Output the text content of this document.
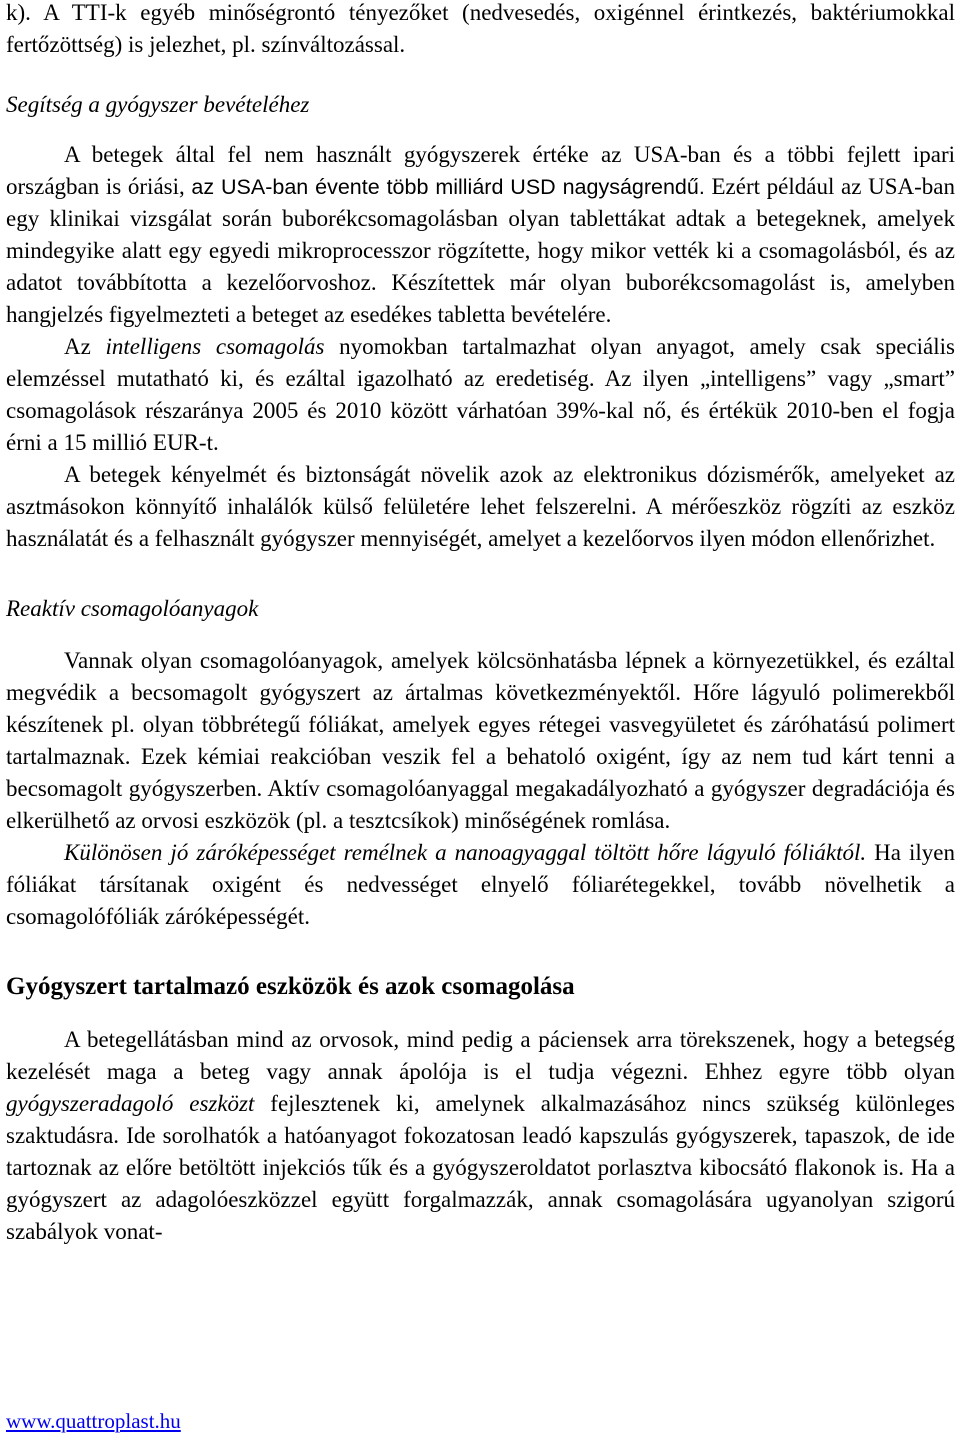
k). A TTI-k egyéb minőségrontó tényezőket (nedvesedés, oxigénnel érintkezés, baktériumokkal fertőzöttség) is jelezhet, pl. színváltozással.

Segítség a gyógyszer bevételéhez

A betegek által fel nem használt gyógyszerek értéke az USA-ban és a többi fejlett ipari országban is óriási, az USA-ban évente több milliárd USD nagyságrendű. Ezért például az USA-ban egy klinikai vizsgálat során buborékcsomagolásban olyan tablettákat adtak a betegeknek, amelyek mindegyike alatt egy egyedi mikroprocesszor rögzítette, hogy mikor vették ki a csomagolásból, és az adatot továbbította a kezelőorvoshoz. Készítettek már olyan buborékcsomagolást is, amelyben hangjelzés figyelmezteti a beteget az esedékes tabletta bevételére.

Az intelligens csomagolás nyomokban tartalmazhat olyan anyagot, amely csak speciális elemzéssel mutatható ki, és ezáltal igazolható az eredetiség. Az ilyen „intelligens” vagy „smart” csomagolások részaránya 2005 és 2010 között várhatóan 39%-kal nő, és értékük 2010-ben el fogja érni a 15 millió EUR-t.

A betegek kényelmét és biztonságát növelik azok az elektronikus dózismérők, amelyeket az asztmásokon könnyítő inhalálók külső felületére lehet felszerelni. A mérőeszköz rögzíti az eszköz használatát és a felhasznált gyógyszer mennyiségét, amelyet a kezelőorvos ilyen módon ellenőrizhet.

Reaktív csomagolóanyagok

Vannak olyan csomagolóanyagok, amelyek kölcsönhatásba lépnek a környezetükkel, és ezáltal megvédik a becsomagolt gyógyszert az ártalmas következményektől. Hőre lágyuló polimerekből készítenek pl. olyan többrétegű fóliákat, amelyek egyes rétegei vasvegyületet és záróhatású polimert tartalmaznak. Ezek kémiai reakcióban veszik fel a behatoló oxigént, így az nem tud kárt tenni a becsomagolt gyógyszerben. Aktív csomagolóanyaggal megakadályozható a gyógyszer degradációja és elkerülhető az orvosi eszközök (pl. a tesztcsíkok) minőségének romlása.

Különösen jó záróképességet remélnek a nanoagyaggal töltött hőre lágyuló fóliáktól. Ha ilyen fóliákat társítanak oxigént és nedvességet elnyelő fóliarétegekkel, tovább növelhetik a csomagolófóliák záróképességét.

Gyógyszert tartalmazó eszközök és azok csomagolása

A betegellátásban mind az orvosok, mind pedig a páciensek arra törekszenek, hogy a betegség kezelését maga a beteg vagy annak ápolója is el tudja végezni. Ehhez egyre több olyan gyógyszeradagoló eszközt fejlesztenek ki, amelynek alkalmazásához nincs szükség különleges szaktudásra. Ide sorolhatók a hatóanyagot fokozatosan leadó kapszulás gyógyszerek, tapaszok, de ide tartoznak az előre betöltött injekciós tűk és a gyógyszeroldatot porlasztva kibocsátó flakonok is. Ha a gyógyszert az adagolóeszközzel együtt forgalmazzák, annak csomagolására ugyanolyan szigorú szabályok vonat-

www.quattroplast.hu
